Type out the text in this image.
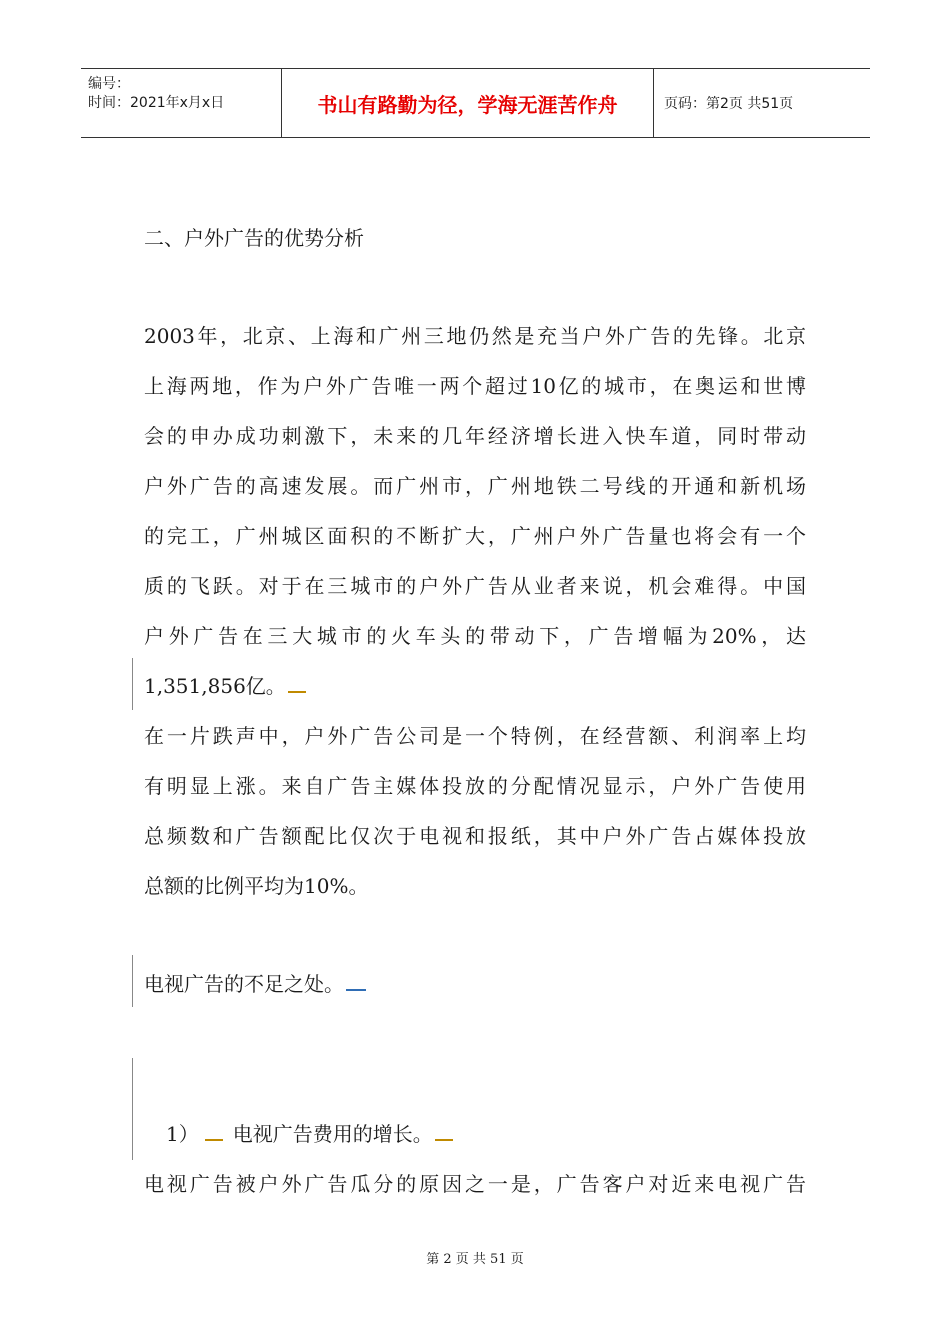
编号：
时间：2021年x月x日	书山有路勤为径，学海无涯苦作舟	页码：第2页 共51页
二、户外广告的优势分析
2003年，北京、上海和广州三地仍然是充当户外广告的先锋。北京
上海两地，作为户外广告唯一两个超过10亿的城市，在奥运和世博
会的申办成功刺激下，未来的几年经济增长进入快车道，同时带动
户外广告的高速发展。而广州市，广州地铁二号线的开通和新机场
的完工，广州城区面积的不断扩大，广州户外广告量也将会有一个
质的飞跃。对于在三城市的户外广告从业者来说，机会难得。中国
户外广告在三大城市的火车头的带动下，广告增幅为20%，达
1,351,856亿。
在一片跌声中，户外广告公司是一个特例，在经营额、利润率上均
有明显上涨。来自广告主媒体投放的分配情况显示，户外广告使用
总频数和广告额配比仅次于电视和报纸，其中户外广告占媒体投放
总额的比例平均为10%。
电视广告的不足之处。
1） 电视广告费用的增长。
电视广告被户外广告瓜分的原因之一是，广告客户对近来电视广告
第 2 页 共 51 页
